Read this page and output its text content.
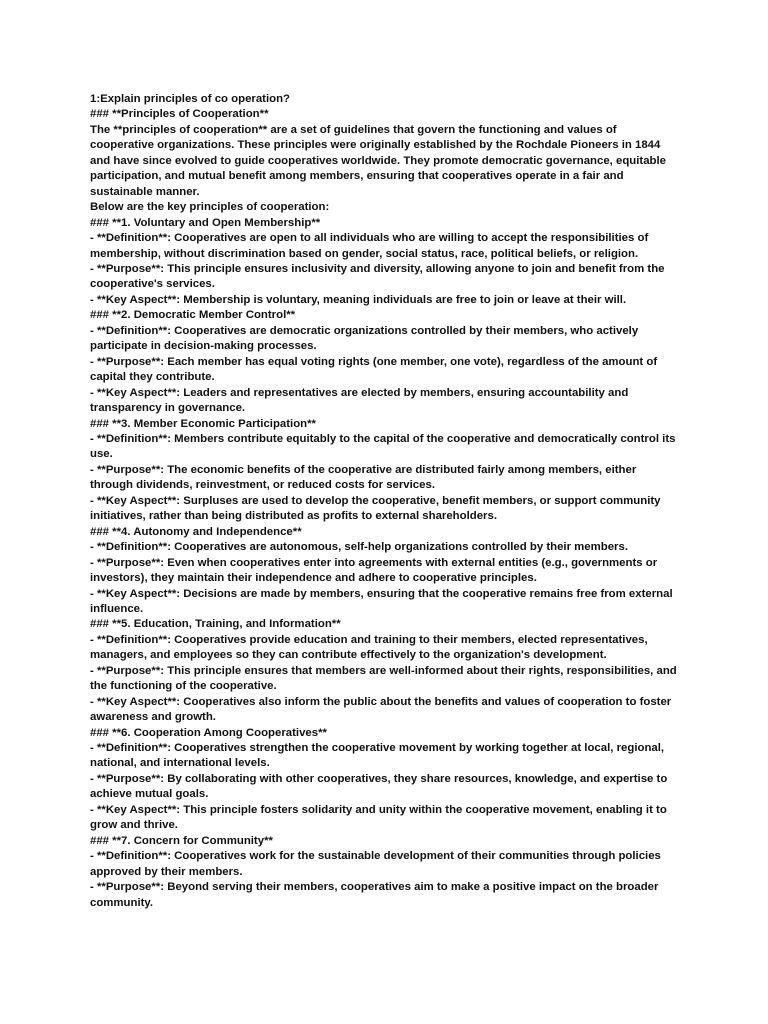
1:Explain principles of co operation?

### **Principles of Cooperation**

The **principles of cooperation** are a set of guidelines that govern the functioning and values of cooperative organizations. These principles were originally established by the Rochdale Pioneers in 1844 and have since evolved to guide cooperatives worldwide. They promote democratic governance, equitable participation, and mutual benefit among members, ensuring that cooperatives operate in a fair and sustainable manner.

Below are the key principles of cooperation:

### **1. Voluntary and Open Membership**

- **Definition**: Cooperatives are open to all individuals who are willing to accept the responsibilities of membership, without discrimination based on gender, social status, race, political beliefs, or religion.

- **Purpose**: This principle ensures inclusivity and diversity, allowing anyone to join and benefit from the cooperative's services.

- **Key Aspect**: Membership is voluntary, meaning individuals are free to join or leave at their will.

### **2. Democratic Member Control**

- **Definition**: Cooperatives are democratic organizations controlled by their members, who actively participate in decision-making processes.

- **Purpose**: Each member has equal voting rights (one member, one vote), regardless of the amount of capital they contribute.

- **Key Aspect**: Leaders and representatives are elected by members, ensuring accountability and transparency in governance.

### **3. Member Economic Participation**

- **Definition**: Members contribute equitably to the capital of the cooperative and democratically control its use.

- **Purpose**: The economic benefits of the cooperative are distributed fairly among members, either through dividends, reinvestment, or reduced costs for services.

- **Key Aspect**: Surpluses are used to develop the cooperative, benefit members, or support community initiatives, rather than being distributed as profits to external shareholders.

### **4. Autonomy and Independence**

- **Definition**: Cooperatives are autonomous, self-help organizations controlled by their members.

- **Purpose**: Even when cooperatives enter into agreements with external entities (e.g., governments or investors), they maintain their independence and adhere to cooperative principles.

- **Key Aspect**: Decisions are made by members, ensuring that the cooperative remains free from external influence.

### **5. Education, Training, and Information**

- **Definition**: Cooperatives provide education and training to their members, elected representatives, managers, and employees so they can contribute effectively to the organization's development.

- **Purpose**: This principle ensures that members are well-informed about their rights, responsibilities, and the functioning of the cooperative.

- **Key Aspect**: Cooperatives also inform the public about the benefits and values of cooperation to foster awareness and growth.

### **6. Cooperation Among Cooperatives**

- **Definition**: Cooperatives strengthen the cooperative movement by working together at local, regional, national, and international levels.

- **Purpose**: By collaborating with other cooperatives, they share resources, knowledge, and expertise to achieve mutual goals.

- **Key Aspect**: This principle fosters solidarity and unity within the cooperative movement, enabling it to grow and thrive.

### **7. Concern for Community**

- **Definition**: Cooperatives work for the sustainable development of their communities through policies approved by their members.

- **Purpose**: Beyond serving their members, cooperatives aim to make a positive impact on the broader community.
